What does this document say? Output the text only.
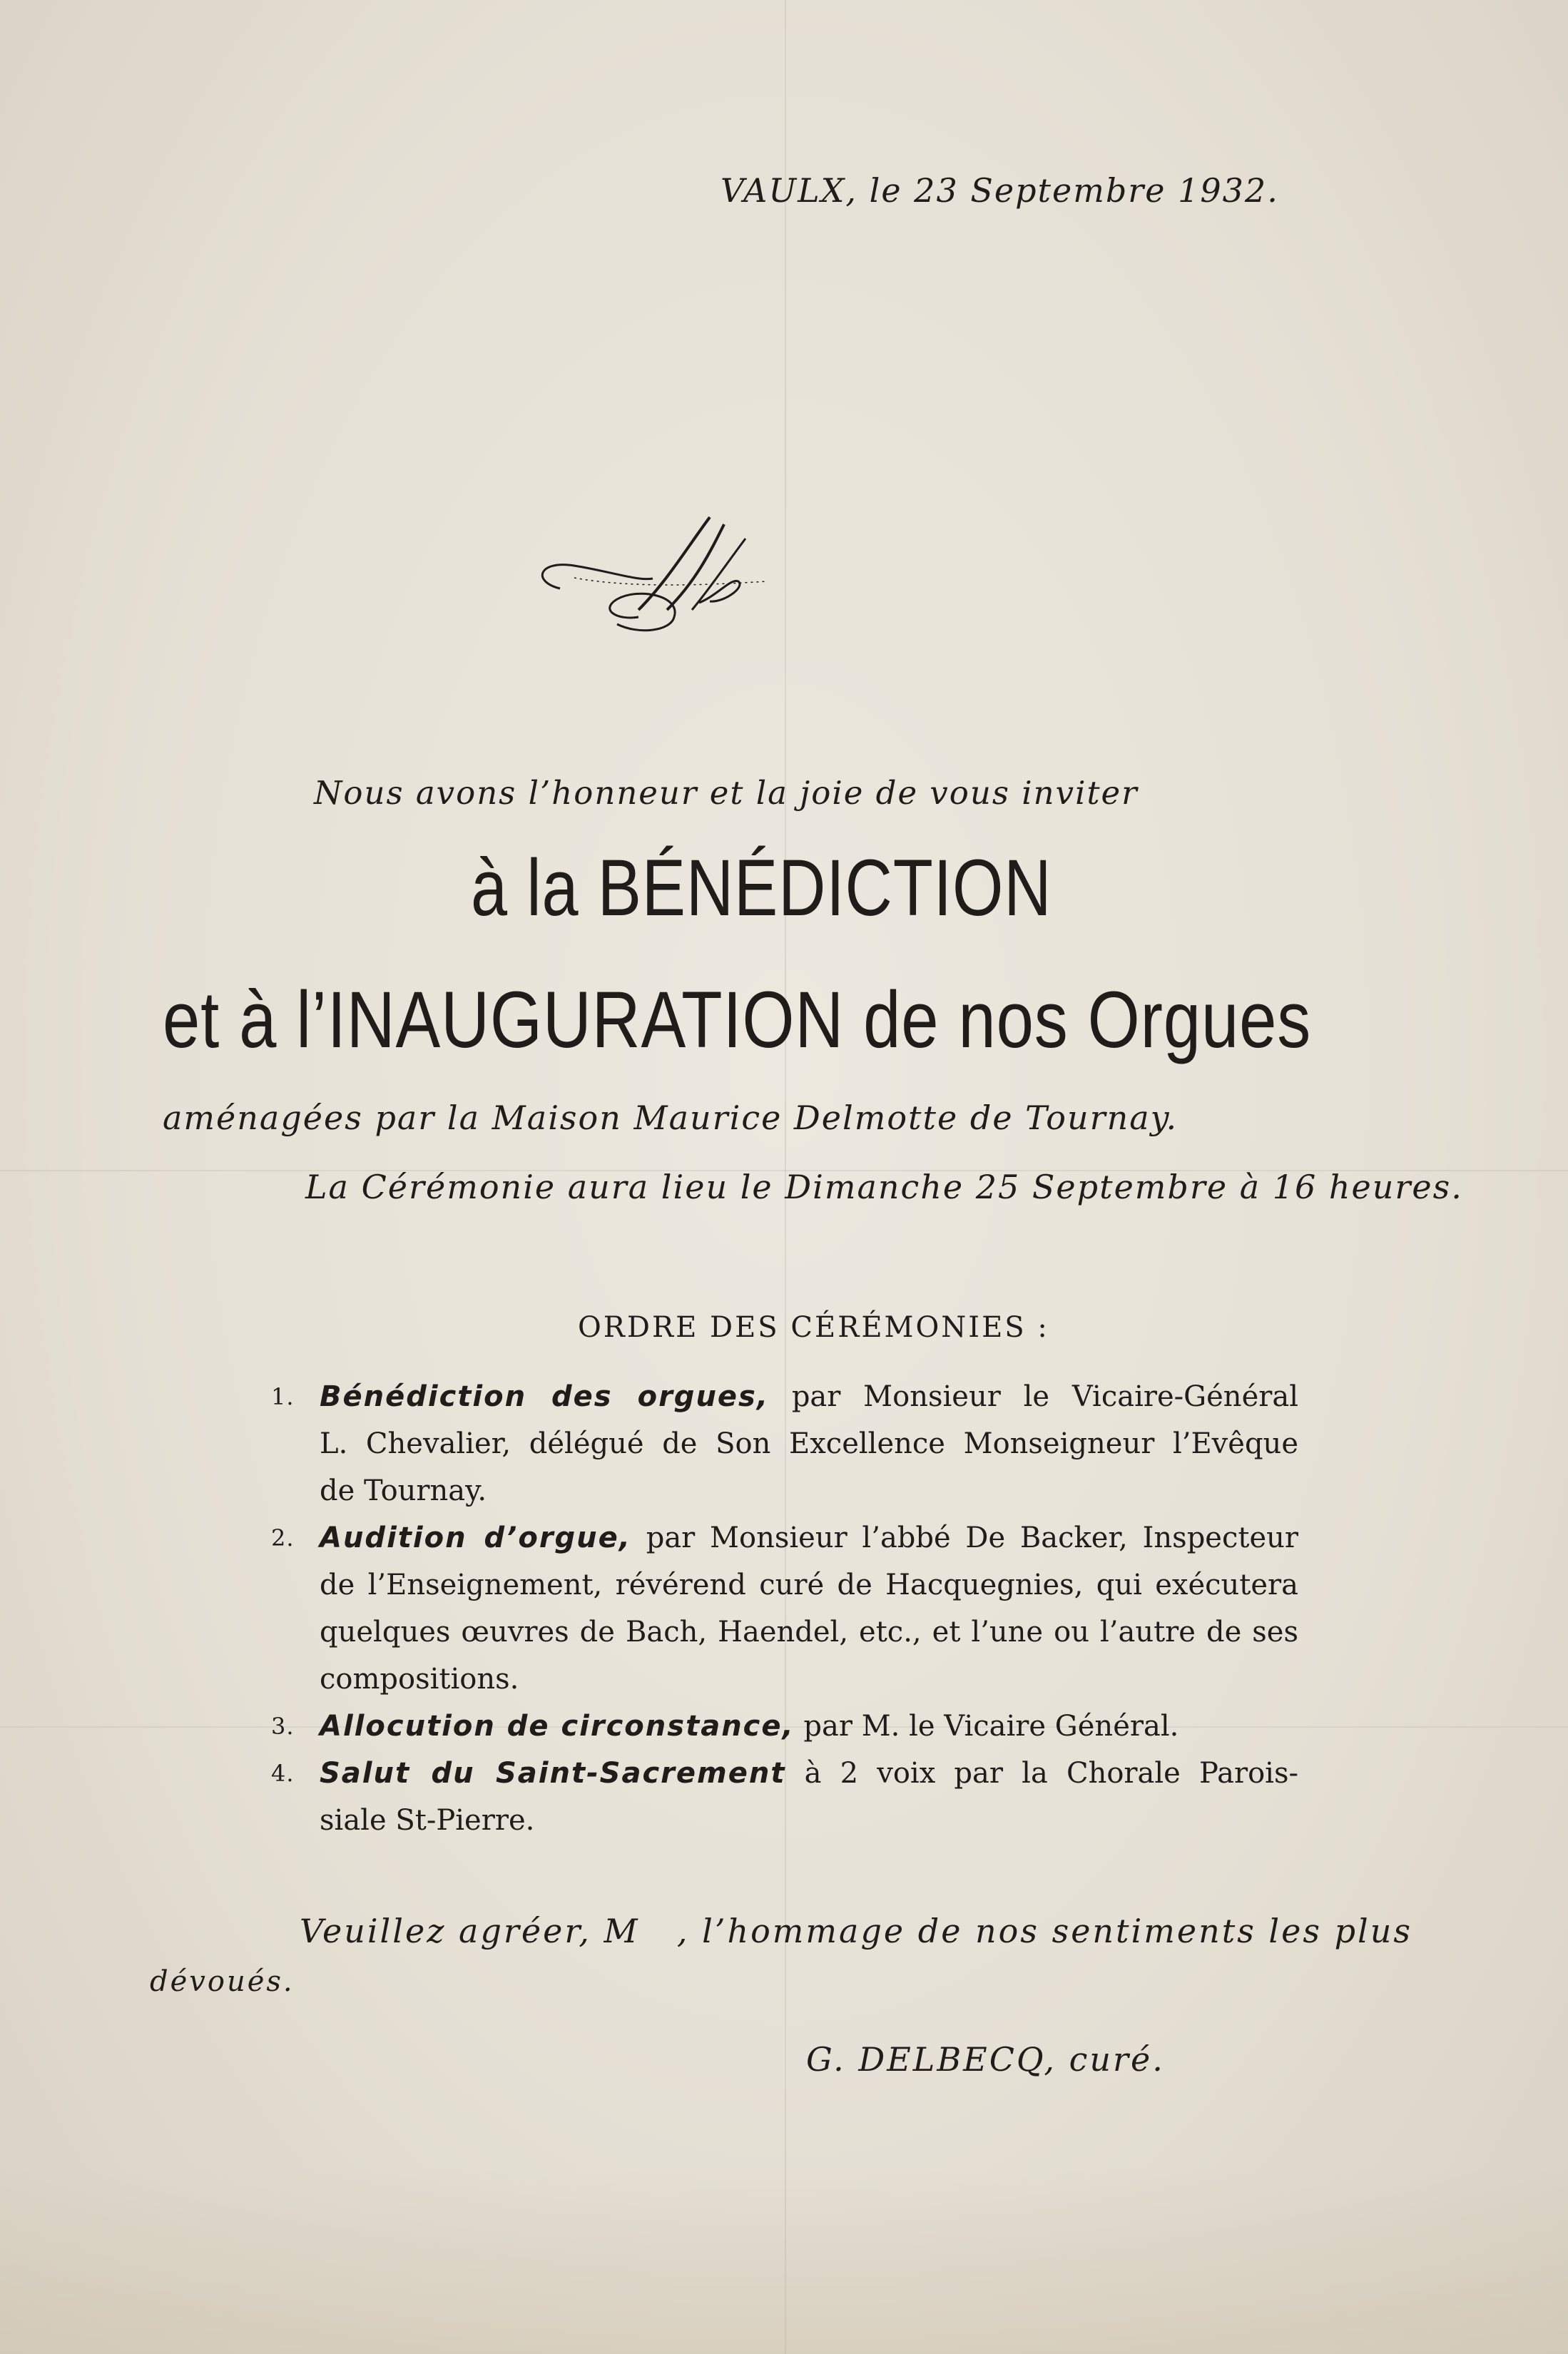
VAULX, le 23 Septembre 1932.
Nous avons l’honneur et la joie de vous inviter
à la BÉNÉDICTION
et à l’INAUGURATION de nos Orgues
aménagées par la Maison Maurice Delmotte de Tournay.
La Cérémonie aura lieu le Dimanche 25 Septembre à 16 heures.
ORDRE DES CÉRÉMONIES :
1. Bénédiction des orgues, par Monsieur le Vicaire-Général
L. Chevalier, délégué de Son Excellence Monseigneur l’Evêque
de Tournay.
2. Audition d’orgue, par Monsieur l’abbé De Backer, Inspecteur
de l’Enseignement, révérend curé de Hacquegnies, qui exécutera
quelques œuvres de Bach, Haendel, etc., et l’une ou l’autre de ses
compositions.
3. Allocution de circonstance, par M. le Vicaire Général.
4. Salut du Saint-Sacrement à 2 voix par la Chorale Parois-
siale St-Pierre.
Veuillez agréer, M , l’hommage de nos sentiments les plus
dévoués.
G. DELBECQ, curé.
